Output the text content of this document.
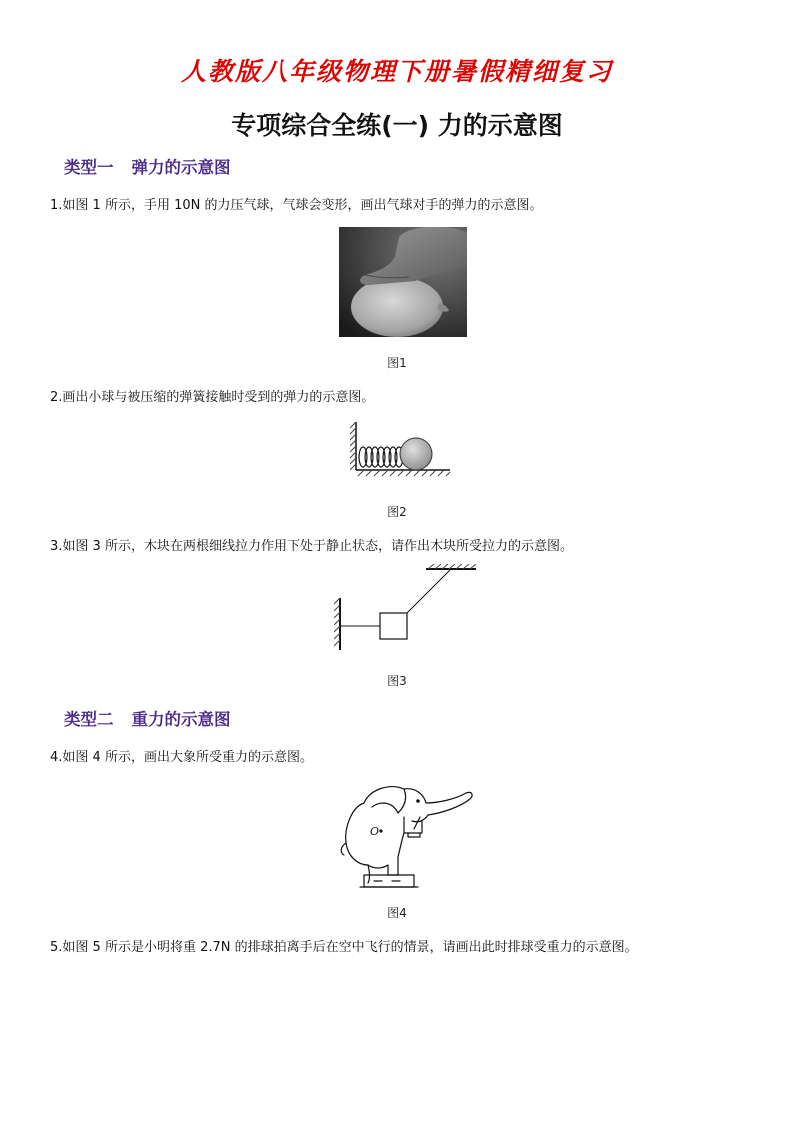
人教版八年级物理下册暑假精细复习
专项综合全练(一) 力的示意图
类型一 弹力的示意图
1.如图 1 所示，手用 10N 的力压气球，气球会变形，画出气球对手的弹力的示意图。
图1
2.画出小球与被压缩的弹簧接触时受到的弹力的示意图。
图2
3.如图 3 所示，木块在两根细线拉力作用下处于静止状态，请作出木块所受拉力的示意图。
图3
类型二 重力的示意图
4.如图 4 所示，画出大象所受重力的示意图。
O
图4
5.如图 5 所示是小明将重 2.7N 的排球拍离手后在空中飞行的情景，请画出此时排球受重力的示意图。
